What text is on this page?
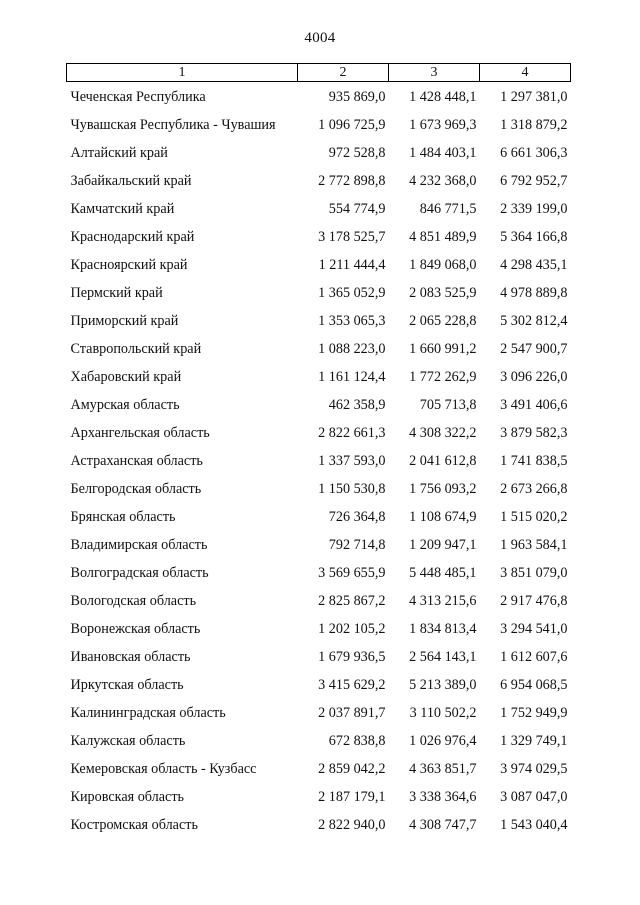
4004
1	2	3	4
Чеченская Республика	935 869,0	1 428 448,1	1 297 381,0
Чувашская Республика - Чувашия	1 096 725,9	1 673 969,3	1 318 879,2
Алтайский край	972 528,8	1 484 403,1	6 661 306,3
Забайкальский край	2 772 898,8	4 232 368,0	6 792 952,7
Камчатский край	554 774,9	846 771,5	2 339 199,0
Краснодарский край	3 178 525,7	4 851 489,9	5 364 166,8
Красноярский край	1 211 444,4	1 849 068,0	4 298 435,1
Пермский край	1 365 052,9	2 083 525,9	4 978 889,8
Приморский край	1 353 065,3	2 065 228,8	5 302 812,4
Ставропольский край	1 088 223,0	1 660 991,2	2 547 900,7
Хабаровский край	1 161 124,4	1 772 262,9	3 096 226,0
Амурская область	462 358,9	705 713,8	3 491 406,6
Архангельская область	2 822 661,3	4 308 322,2	3 879 582,3
Астраханская область	1 337 593,0	2 041 612,8	1 741 838,5
Белгородская область	1 150 530,8	1 756 093,2	2 673 266,8
Брянская область	726 364,8	1 108 674,9	1 515 020,2
Владимирская область	792 714,8	1 209 947,1	1 963 584,1
Волгоградская область	3 569 655,9	5 448 485,1	3 851 079,0
Вологодская область	2 825 867,2	4 313 215,6	2 917 476,8
Воронежская область	1 202 105,2	1 834 813,4	3 294 541,0
Ивановская область	1 679 936,5	2 564 143,1	1 612 607,6
Иркутская область	3 415 629,2	5 213 389,0	6 954 068,5
Калининградская область	2 037 891,7	3 110 502,2	1 752 949,9
Калужская область	672 838,8	1 026 976,4	1 329 749,1
Кемеровская область - Кузбасс	2 859 042,2	4 363 851,7	3 974 029,5
Кировская область	2 187 179,1	3 338 364,6	3 087 047,0
Костромская область	2 822 940,0	4 308 747,7	1 543 040,4
